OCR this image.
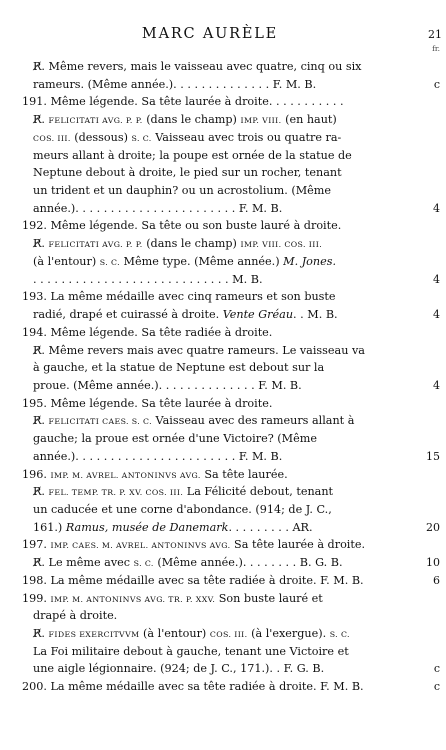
MARC AURÈLE	21
fr.
R̸. Même revers, mais le vaisseau avec quatre, cinq ou six
rameurs. (Même année.). . . . . . . . . . . . . . F. M. B.	c
191. Même légende. Sa tête laurée à droite. . . . . . . . . . .
R̸. FELICITATI AVG. P. P. (dans le champ) IMP. VIII. (en haut)
COS. III. (dessous) S. C. Vaisseau avec trois ou quatre ra-
meurs allant à droite; la poupe est ornée de la statue de
Neptune debout à droite, le pied sur un rocher, tenant
un trident et un dauphin? ou un acrostolium. (Même
année.). . . . . . . . . . . . . . . . . . . . . . . F. M. B.	4
192. Même légende. Sa tête ou son buste lauré à droite.
R̸. FELICITATI AVG. P. P. (dans le champ) IMP. VIII. COS. III.
(à l'entour) S. C. Même type. (Même année.) M. Jones.
. . . . . . . . . . . . . . . . . . . . . . . . . . . . M. B.	4
193. La même médaille avec cinq rameurs et son buste
radié, drapé et cuirassé à droite. Vente Gréau. . M. B.	4
194. Même légende. Sa tête radiée à droite.
R̸. Même revers mais avec quatre rameurs. Le vaisseau va
à gauche, et la statue de Neptune est debout sur la
proue. (Même année.). . . . . . . . . . . . . . F. M. B.	4
195. Même légende. Sa tête laurée à droite.
R̸. FELICITATI CAES. S. C. Vaisseau avec des rameurs allant à
gauche; la proue est ornée d'une Victoire? (Même
année.). . . . . . . . . . . . . . . . . . . . . . . F. M. B.	15
196. IMP. M. AVREL. ANTONINVS AVG. Sa tête laurée.
R̸. FEL. TEMP. TR. P. XV. COS. III. La Félicité debout, tenant
un caducée et une corne d'abondance. (914; de J. C.,
161.) Ramus, musée de Danemark. . . . . . . . . AR.	20
197. IMP. CAES. M. AVREL. ANTONINVS AVG. Sa tête laurée à droite.
R̸. Le même avec S. C. (Même année.). . . . . . . . B. G. B.	10
198. La même médaille avec sa tête radiée à droite. F. M. B.	6
199. IMP. M. ANTONINVS AVG. TR. P. XXV. Son buste lauré et
drapé à droite.
R̸. FIDES EXERCITVVM (à l'entour) COS. III. (à l'exergue). S. C.
La Foi militaire debout à gauche, tenant une Victoire et
une aigle légionnaire. (924; de J. C., 171.). . F. G. B.	c
200. La même médaille avec sa tête radiée à droite. F. M. B.	c
